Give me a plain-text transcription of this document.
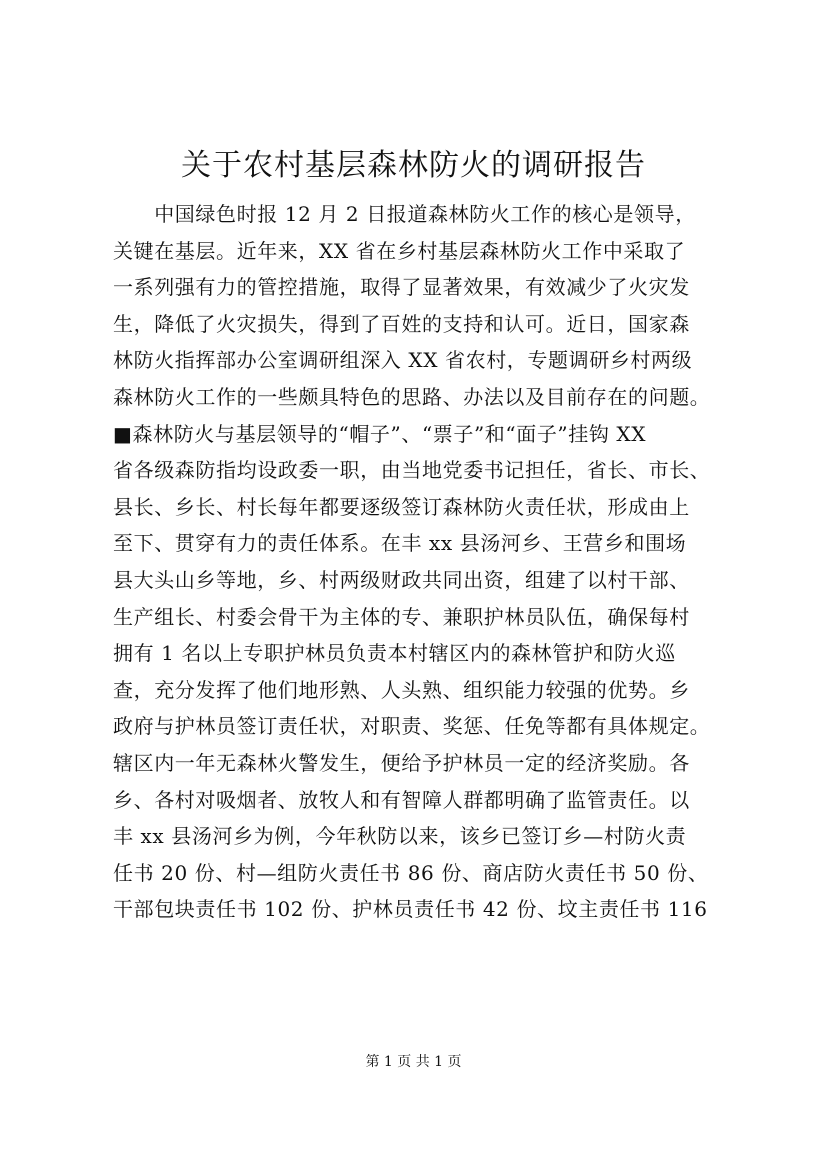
关于农村基层森林防火的调研报告
　　中国绿色时报 12 月 2 日报道森林防火工作的核心是领导，
关键在基层。近年来，XX 省在乡村基层森林防火工作中采取了
一系列强有力的管控措施，取得了显著效果，有效减少了火灾发
生，降低了火灾损失，得到了百姓的支持和认可。近日，国家森
林防火指挥部办公室调研组深入 XX 省农村，专题调研乡村两级
森林防火工作的一些颇具特色的思路、办法以及目前存在的问题。
■森林防火与基层领导的“帽子”、“票子”和“面子”挂钩 XX
省各级森防指均设政委一职，由当地党委书记担任，省长、市长、
县长、乡长、村长每年都要逐级签订森林防火责任状，形成由上
至下、贯穿有力的责任体系。在丰 xx 县汤河乡、王营乡和围场
县大头山乡等地，乡、村两级财政共同出资，组建了以村干部、
生产组长、村委会骨干为主体的专、兼职护林员队伍，确保每村
拥有 1 名以上专职护林员负责本村辖区内的森林管护和防火巡
查，充分发挥了他们地形熟、人头熟、组织能力较强的优势。乡
政府与护林员签订责任状，对职责、奖惩、任免等都有具体规定。
辖区内一年无森林火警发生，便给予护林员一定的经济奖励。各
乡、各村对吸烟者、放牧人和有智障人群都明确了监管责任。以
丰 xx 县汤河乡为例，今年秋防以来，该乡已签订乡—村防火责
任书 20 份、村—组防火责任书 86 份、商店防火责任书 50 份、
干部包块责任书 102 份、护林员责任书 42 份、坟主责任书 116
第 1 页 共 1 页
